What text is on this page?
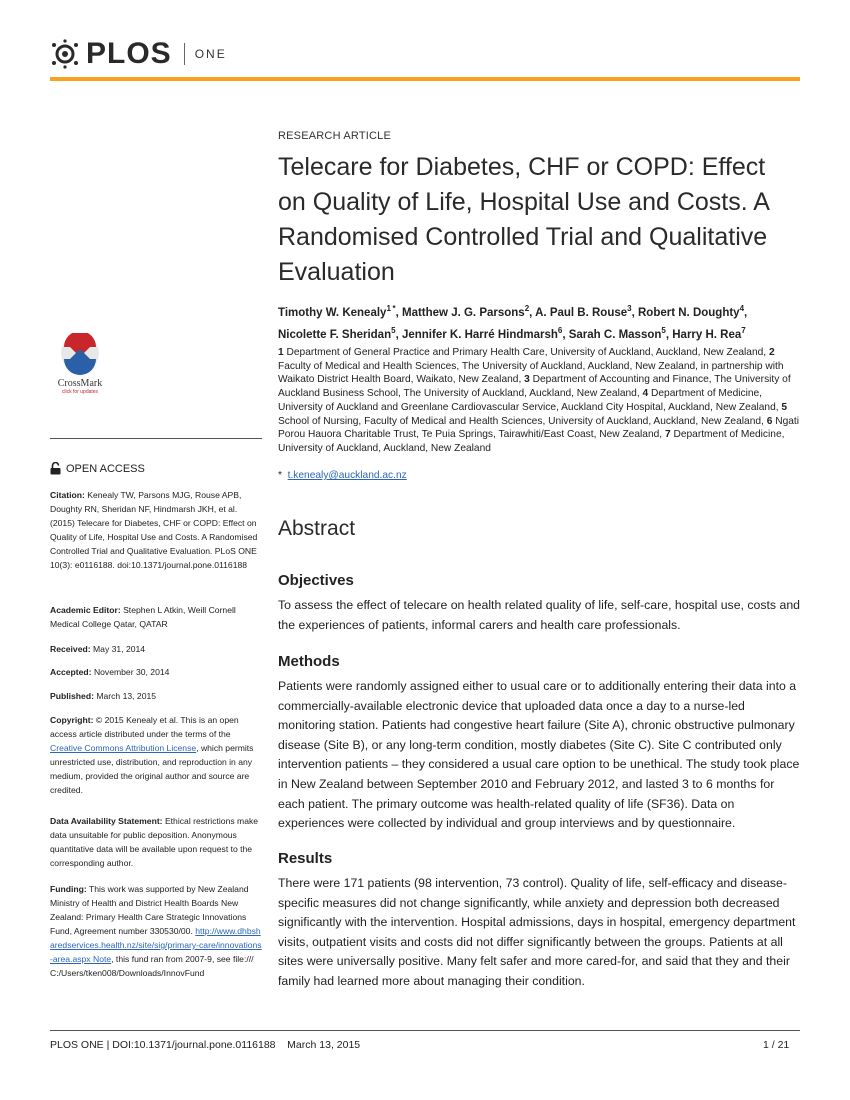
PLOS ONE
RESEARCH ARTICLE
Telecare for Diabetes, CHF or COPD: Effect on Quality of Life, Hospital Use and Costs. A Randomised Controlled Trial and Qualitative Evaluation
Timothy W. Kenealy$^{1 *}$, Matthew J. G. Parsons$^2$, A. Paul B. Rouse$^3$, Robert N. Doughty$^4$,
Nicolette F. Sheridan$^5$, Jennifer K. Harré Hindmarsh$^6$, Sarah C. Masson$^5$, Harry H. Rea$^7$
1 Department of General Practice and Primary Health Care, University of Auckland, Auckland, New Zealand, 2 Faculty of Medical and Health Sciences, The University of Auckland, Auckland, New Zealand, in partnership with Waikato District Health Board, Waikato, New Zealand, 3 Department of Accounting and Finance, The University of Auckland Business School, The University of Auckland, Auckland, New Zealand, 4 Department of Medicine, University of Auckland and Greenlane Cardiovascular Service, Auckland City Hospital, Auckland, New Zealand, 5 School of Nursing, Faculty of Medical and Health Sciences, University of Auckland, Auckland, New Zealand, 6 Ngati Porou Hauora Charitable Trust, Te Puia Springs, Tairawhiti/East Coast, New Zealand, 7 Department of Medicine, University of Auckland, Auckland, New Zealand
* t.kenealy@auckland.ac.nz
Abstract
Objectives
To assess the effect of telecare on health related quality of life, self-care, hospital use, costs and the experiences of patients, informal carers and health care professionals.
Methods
Patients were randomly assigned either to usual care or to additionally entering their data into a commercially-available electronic device that uploaded data once a day to a nurse-led monitoring station. Patients had congestive heart failure (Site A), chronic obstructive pulmonary disease (Site B), or any long-term condition, mostly diabetes (Site C). Site C contributed only intervention patients – they considered a usual care option to be unethical. The study took place in New Zealand between September 2010 and February 2012, and lasted 3 to 6 months for each patient. The primary outcome was health-related quality of life (SF36). Data on experiences were collected by individual and group interviews and by questionnaire.
Results
There were 171 patients (98 intervention, 73 control). Quality of life, self-efficacy and disease-specific measures did not change significantly, while anxiety and depression both decreased significantly with the intervention. Hospital admissions, days in hospital, emergency department visits, outpatient visits and costs did not differ significantly between the groups. Patients at all sites were universally positive. Many felt safer and more cared-for, and said that they and their family had learned more about managing their condition.
CrossMark
click for updates
OPEN ACCESS
Citation: Kenealy TW, Parsons MJG, Rouse APB, Doughty RN, Sheridan NF, Hindmarsh JKH, et al. (2015) Telecare for Diabetes, CHF or COPD: Effect on Quality of Life, Hospital Use and Costs. A Randomised Controlled Trial and Qualitative Evaluation. PLoS ONE 10(3): e0116188. doi:10.1371/journal.pone.0116188
Academic Editor: Stephen L Atkin, Weill Cornell Medical College Qatar, QATAR
Received: May 31, 2014
Accepted: November 30, 2014
Published: March 13, 2015
Copyright: © 2015 Kenealy et al. This is an open access article distributed under the terms of the Creative Commons Attribution License, which permits unrestricted use, distribution, and reproduction in any medium, provided the original author and source are credited.
Data Availability Statement: Ethical restrictions make data unsuitable for public deposition. Anonymous quantitative data will be available upon request to the corresponding author.
Funding: This work was supported by New Zealand Ministry of Health and District Health Boards New Zealand: Primary Health Care Strategic Innovations Fund, Agreement number 330530/00. http://www.dhbsharedservices.health.nz/site/sig/primary-care/innovations-area.aspx Note, this fund ran from 2007-9, see file:///C:/Users/tken008/Downloads/InnovFund
PLOS ONE | DOI:10.1371/journal.pone.0116188    March 13, 2015	1 / 21
